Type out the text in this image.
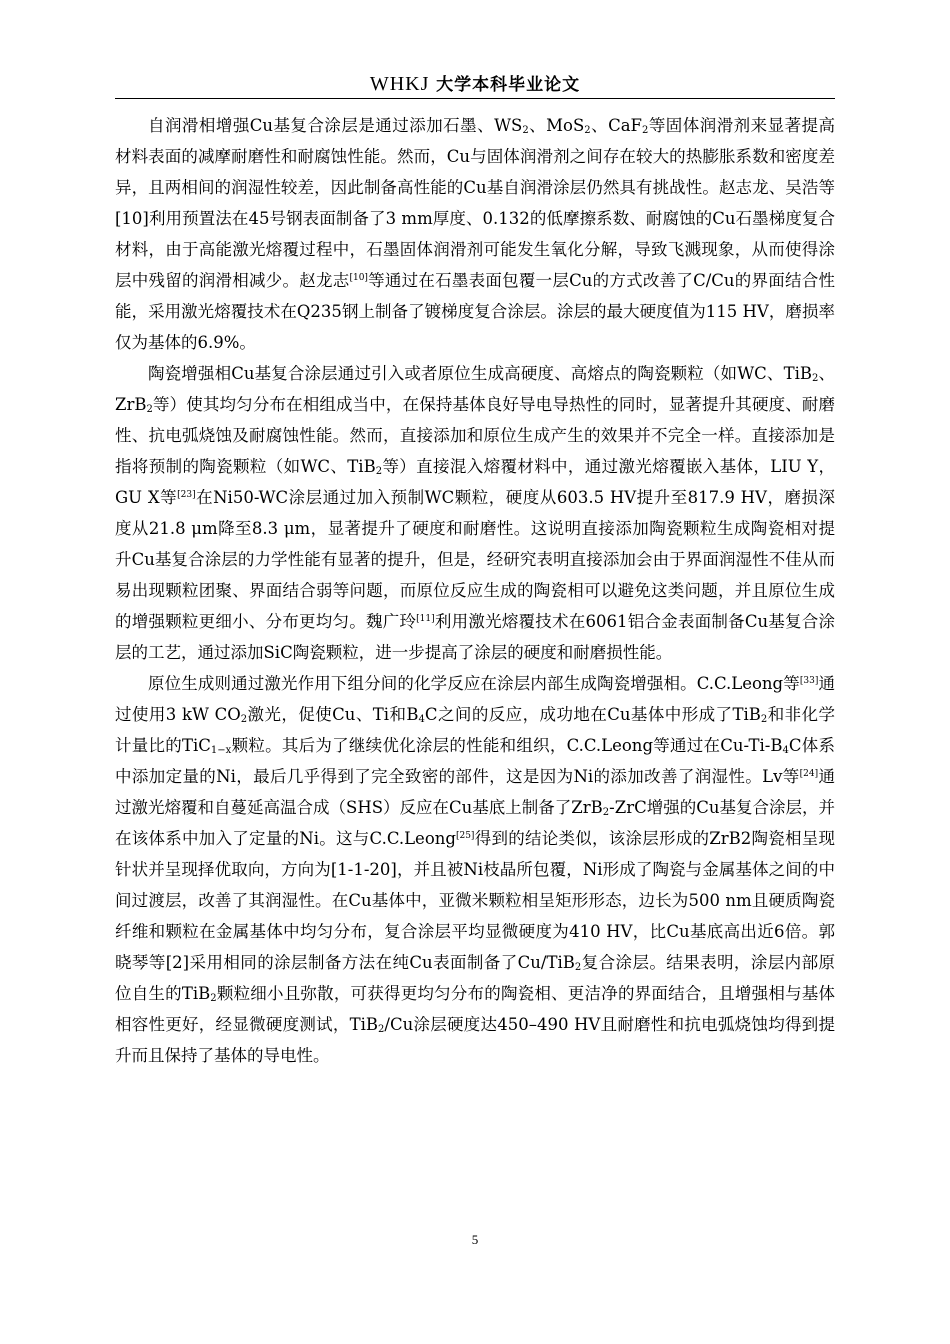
WHKJ 大学本科毕业论文

自润滑相增强Cu基复合涂层是通过添加石墨、$WS_2$、MoS$_2$、CaF$_2$等固体润滑剂来显著提高材料表面的减摩耐磨性和耐腐蚀性能。然而，Cu与固体润滑剂之间存在较大的热膨胀系数和密度差异，且两相间的润湿性较差，因此制备高性能的Cu基自润滑涂层仍然具有挑战性。赵志龙、吴浩等[10]利用预置法在45号钢表面制备了3 mm厚度、0.132的低摩擦系数、耐腐蚀的Cu石墨梯度复合材料，由于高能激光熔覆过程中，石墨固体润滑剂可能发生氧化分解，导致飞溅现象，从而使得涂层中残留的润滑相减少。赵龙志[10]等通过在石墨表面包覆一层Cu的方式改善了C/Cu的界面结合性能，采用激光熔覆技术在Q235钢上制备了镀梯度复合涂层。涂层的最大硬度值为115 HV，磨损率仅为基体的6.9%。

陶瓷增强相Cu基复合涂层通过引入或者原位生成高硬度、高熔点的陶瓷颗粒（如WC、TiB$_2$、ZrB$_2$等）使其均匀分布在相组成当中，在保持基体良好导电导热性的同时，显著提升其硬度、耐磨性、抗电弧烧蚀及耐腐蚀性能。然而，直接添加和原位生成产生的效果并不完全一样。直接添加是指将预制的陶瓷颗粒（如WC、TiB$_2$等）直接混入熔覆材料中，通过激光熔覆嵌入基体，LIU Y，GU X等[23]在Ni50-WC涂层通过加入预制WC颗粒，硬度从603.5 HV提升至817.9 HV，磨损深度从21.8 μm降至8.3 μm，显著提升了硬度和耐磨性。这说明直接添加陶瓷颗粒生成陶瓷相对提升Cu基复合涂层的力学性能有显著的提升，但是，经研究表明直接添加会由于界面润湿性不佳从而易出现颗粒团聚、界面结合弱等问题，而原位反应生成的陶瓷相可以避免这类问题，并且原位生成的增强颗粒更细小、分布更均匀。魏广玲[11]利用激光熔覆技术在6061铝合金表面制备Cu基复合涂层的工艺，通过添加SiC陶瓷颗粒，进一步提高了涂层的硬度和耐磨损性能。

原位生成则通过激光作用下组分间的化学反应在涂层内部生成陶瓷增强相。C.C.Leong等[33]通过使用3 kW $CO_2$激光，促使Cu、Ti和$B_4C$之间的反应，成功地在Cu基体中形成了TiB$_2$和非化学计量比的TiC$_{1-x}$颗粒。其后为了继续优化涂层的性能和组织，C.C.Leong等通过在$Cu-Ti-B_4C$体系中添加定量的Ni，最后几乎得到了完全致密的部件，这是因为Ni的添加改善了润湿性。Lv等[24]通过激光熔覆和自蔓延高温合成（SHS）反应在Cu基底上制备了ZrB$_2$-ZrC增强的Cu基复合涂层，并在该体系中加入了定量的Ni。这与C.C.Leong[25]得到的结论类似，该涂层形成的ZrB2陶瓷相呈现针状并呈现择优取向，方向为[1-1-20]，并且被Ni枝晶所包覆，Ni形成了陶瓷与金属基体之间的中间过渡层，改善了其润湿性。在Cu基体中，亚微米颗粒相呈矩形形态，边长为500 nm且硬质陶瓷纤维和颗粒在金属基体中均匀分布，复合涂层平均显微硬度为410 HV，比Cu基底高出近6倍。郭晓琴等[2]采用相同的涂层制备方法在纯Cu表面制备了Cu/TiB$_2$复合涂层。结果表明，涂层内部原位自生的TiB$_2$颗粒细小且弥散，可获得更均匀分布的陶瓷相、更洁净的界面结合，且增强相与基体相容性更好，经显微硬度测试，TiB$_2$/Cu涂层硬度达450–490 HV且耐磨性和抗电弧烧蚀均得到提升而且保持了基体的导电性。

5
